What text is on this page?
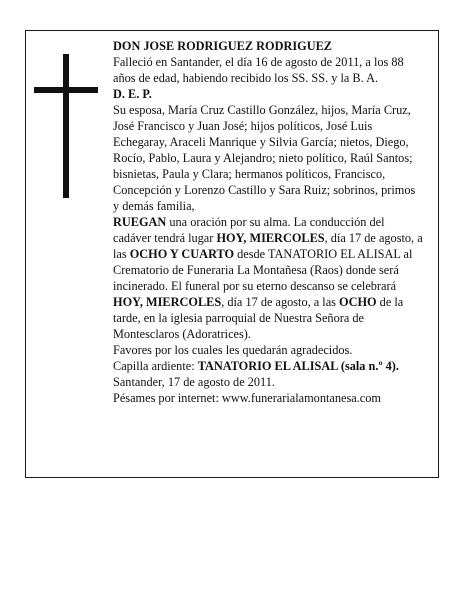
DON JOSE RODRIGUEZ RODRIGUEZ

Falleció en Santander, el día 16 de agosto de 2011, a los 88 años de edad, habiendo recibido los SS. SS. y la B. A.

D. E. P.

Su esposa, María Cruz Castillo González, hijos, María Cruz, José Francisco y Juan José; hijos políticos, José Luis Echegaray, Araceli Manrique y Silvia García; nietos, Diego, Rocío, Pablo, Laura y Alejandro; nieto político, Raúl Santos; bisnietas, Paula y Clara; hermanos políticos, Francisco, Concepción y Lorenzo Castillo y Sara Ruiz; sobrinos, primos y demás familia,
RUEGAN una oración por su alma. La conducción del cadáver tendrá lugar HOY, MIERCOLES, día 17 de agosto, a las OCHO Y CUARTO desde TANATORIO EL ALISAL al Crematorio de Funeraria La Montañesa (Raos) donde será incinerado. El funeral por su eterno descanso se celebrará HOY, MIERCOLES, día 17 de agosto, a las OCHO de la tarde, en la iglesia parroquial de Nuestra Señora de Montesclaros (Adoratrices).

Favores por los cuales les quedarán agradecidos.

Capilla ardiente: TANATORIO EL ALISAL (sala n.º 4).

Santander, 17 de agosto de 2011.

Pésames por internet: www.funerarialamontanesa.com
